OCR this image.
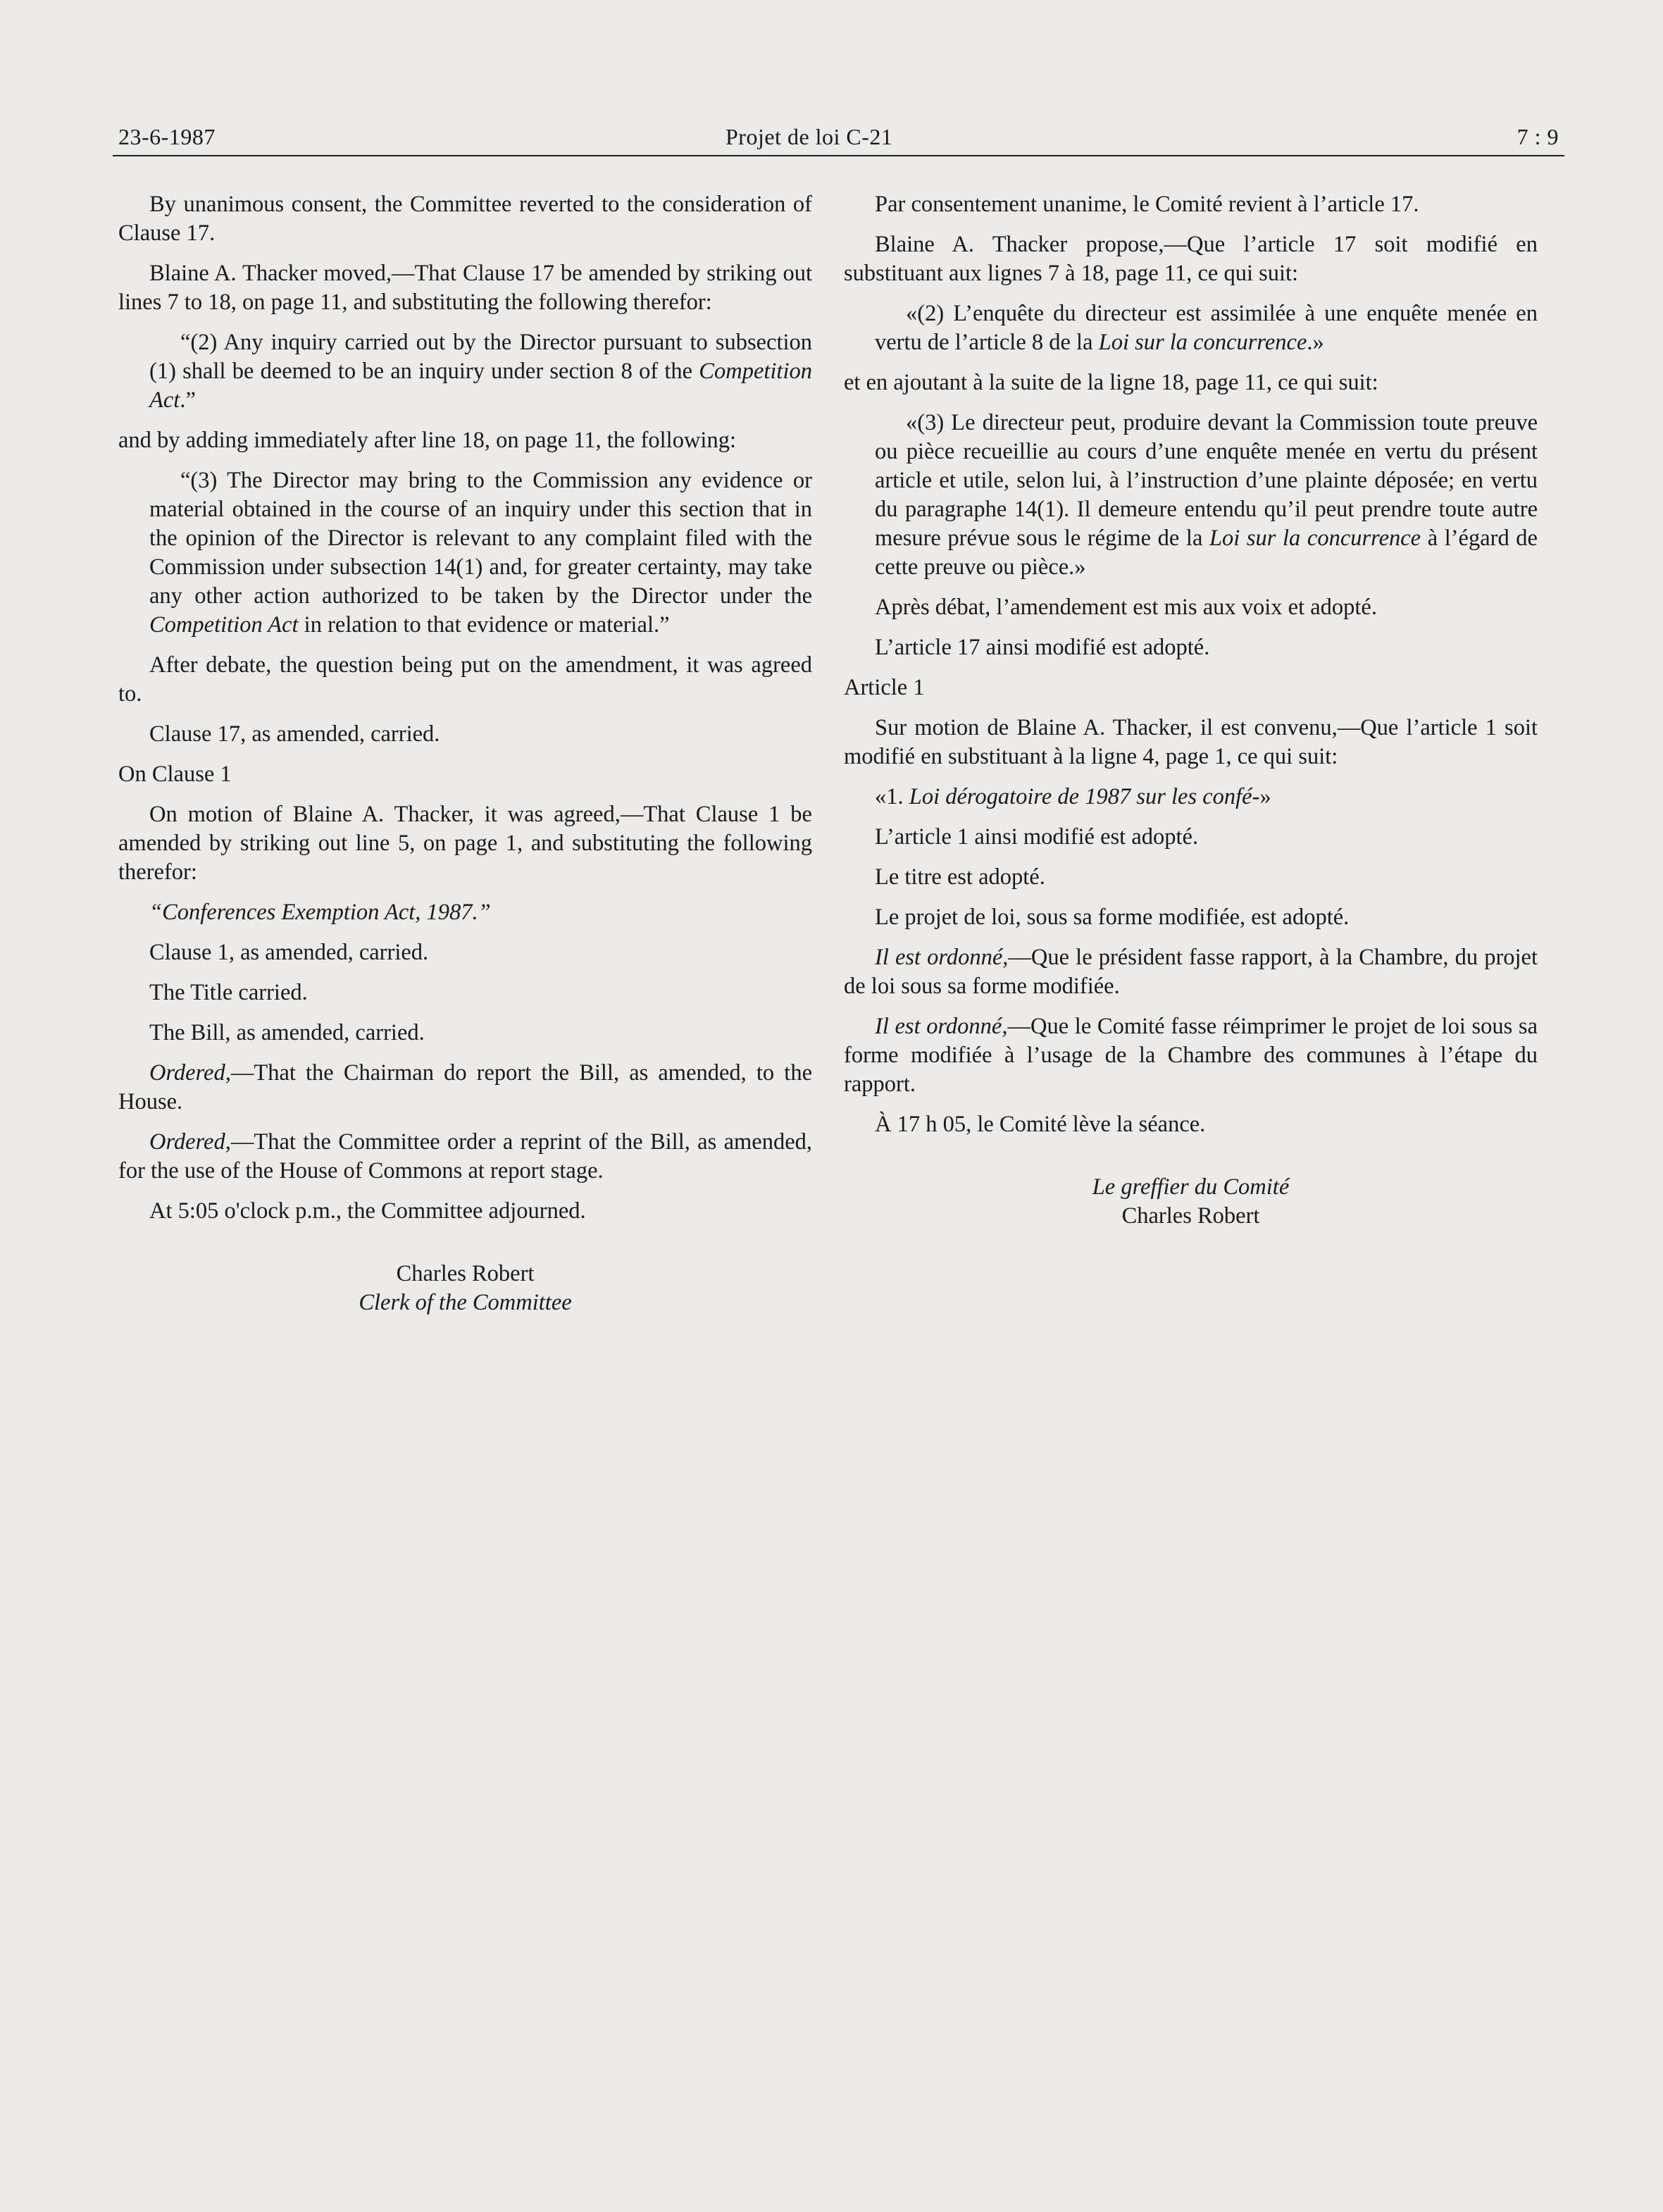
23-6-1987	Projet de loi C-21	7 : 9

By unanimous consent, the Committee reverted to the consideration of Clause 17.

Blaine A. Thacker moved,—That Clause 17 be amended by striking out lines 7 to 18, on page 11, and substituting the following therefor:

“(2) Any inquiry carried out by the Director pursuant to subsection (1) shall be deemed to be an inquiry under section 8 of the Competition Act.”

and by adding immediately after line 18, on page 11, the following:

“(3) The Director may bring to the Commission any evidence or material obtained in the course of an inquiry under this section that in the opinion of the Director is relevant to any complaint filed with the Commission under subsection 14(1) and, for greater certainty, may take any other action authorized to be taken by the Director under the Competition Act in relation to that evidence or material.”

After debate, the question being put on the amendment, it was agreed to.

Clause 17, as amended, carried.

On Clause 1

On motion of Blaine A. Thacker, it was agreed,—That Clause 1 be amended by striking out line 5, on page 1, and substituting the following therefor:

“Conferences Exemption Act, 1987.”

Clause 1, as amended, carried.

The Title carried.

The Bill, as amended, carried.

Ordered,—That the Chairman do report the Bill, as amended, to the House.

Ordered,—That the Committee order a reprint of the Bill, as amended, for the use of the House of Commons at report stage.

At 5:05 o'clock p.m., the Committee adjourned.

Charles Robert

Clerk of the Committee

Par consentement unanime, le Comité revient à l’article 17.

Blaine A. Thacker propose,—Que l’article 17 soit modifié en substituant aux lignes 7 à 18, page 11, ce qui suit:

«(2) L’enquête du directeur est assimilée à une enquête menée en vertu de l’article 8 de la Loi sur la concurrence.»

et en ajoutant à la suite de la ligne 18, page 11, ce qui suit:

«(3) Le directeur peut, produire devant la Commission toute preuve ou pièce recueillie au cours d’une enquête menée en vertu du présent article et utile, selon lui, à l’instruction d’une plainte déposée; en vertu du paragraphe 14(1). Il demeure entendu qu’il peut prendre toute autre mesure prévue sous le régime de la Loi sur la concurrence à l’égard de cette preuve ou pièce.»

Après débat, l’amendement est mis aux voix et adopté.

L’article 17 ainsi modifié est adopté.

Article 1

Sur motion de Blaine A. Thacker, il est convenu,—Que l’article 1 soit modifié en substituant à la ligne 4, page 1, ce qui suit:

«1. Loi dérogatoire de 1987 sur les confé-»

L’article 1 ainsi modifié est adopté.

Le titre est adopté.

Le projet de loi, sous sa forme modifiée, est adopté.

Il est ordonné,—Que le président fasse rapport, à la Chambre, du projet de loi sous sa forme modifiée.

Il est ordonné,—Que le Comité fasse réimprimer le projet de loi sous sa forme modifiée à l’usage de la Chambre des communes à l’étape du rapport.

À 17 h 05, le Comité lève la séance.

Le greffier du Comité

Charles Robert
